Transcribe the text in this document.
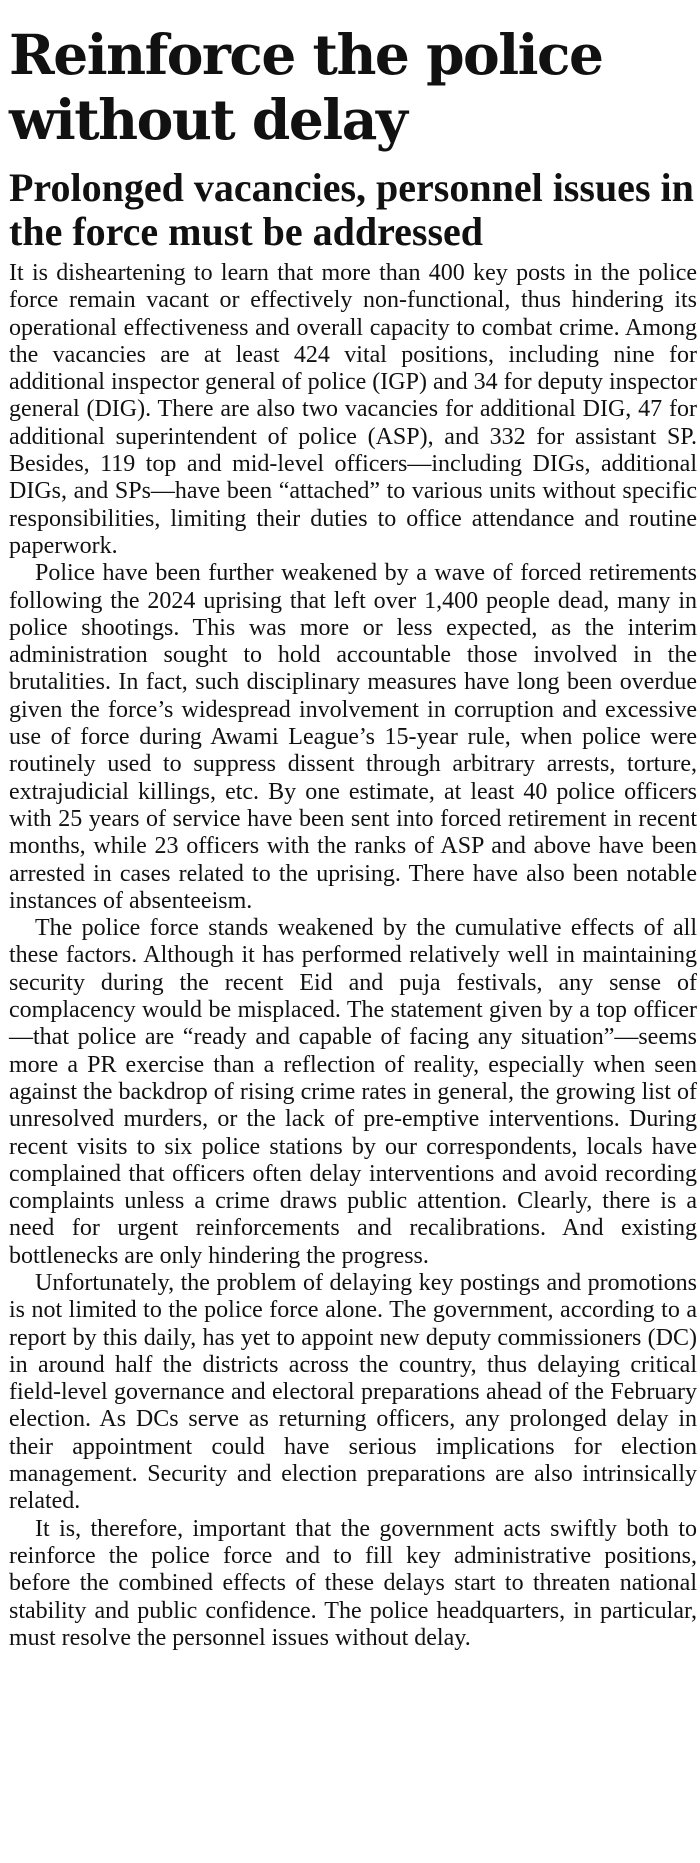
Reinforce the police without delay
Prolonged vacancies, personnel issues in the force must be addressed

It is disheartening to learn that more than 400 key posts in the police force remain vacant or effectively non-functional, thus hindering its operational effectiveness and overall capacity to combat crime. Among the vacancies are at least 424 vital positions, including nine for additional inspector general of police (IGP) and 34 for deputy inspector general (DIG). There are also two vacancies for additional DIG, 47 for additional superintendent of police (ASP), and 332 for assistant SP. Besides, 119 top and mid-level officers—including DIGs, additional DIGs, and SPs—have been “attached” to various units without specific responsibilities, limiting their duties to office attendance and routine paperwork.

Police have been further weakened by a wave of forced retirements following the 2024 uprising that left over 1,400 people dead, many in police shootings. This was more or less expected, as the interim administration sought to hold accountable those involved in the brutalities. In fact, such disciplinary measures have long been overdue given the force’s widespread involvement in corruption and excessive use of force during Awami League’s 15-year rule, when police were routinely used to suppress dissent through arbitrary arrests, torture, extrajudicial killings, etc. By one estimate, at least 40 police officers with 25 years of service have been sent into forced retirement in recent months, while 23 officers with the ranks of ASP and above have been arrested in cases related to the uprising. There have also been notable instances of absenteeism.

The police force stands weakened by the cumulative effects of all these factors. Although it has performed relatively well in maintaining security during the recent Eid and puja festivals, any sense of complacency would be misplaced. The statement given by a top officer—that police are “ready and capable of facing any situation”—seems more a PR exercise than a reflection of reality, especially when seen against the backdrop of rising crime rates in general, the growing list of unresolved murders, or the lack of pre-emptive interventions. During recent visits to six police stations by our correspondents, locals have complained that officers often delay interventions and avoid recording complaints unless a crime draws public attention. Clearly, there is a need for urgent reinforcements and recalibrations. And existing bottlenecks are only hindering the progress.

Unfortunately, the problem of delaying key postings and promotions is not limited to the police force alone. The government, according to a report by this daily, has yet to appoint new deputy commissioners (DC) in around half the districts across the country, thus delaying critical field-level governance and electoral preparations ahead of the February election. As DCs serve as returning officers, any prolonged delay in their appointment could have serious implications for election management. Security and election preparations are also intrinsically related.

It is, therefore, important that the government acts swiftly both to reinforce the police force and to fill key administrative positions, before the combined effects of these delays start to threaten national stability and public confidence. The police headquarters, in particular, must resolve the personnel issues without delay.
